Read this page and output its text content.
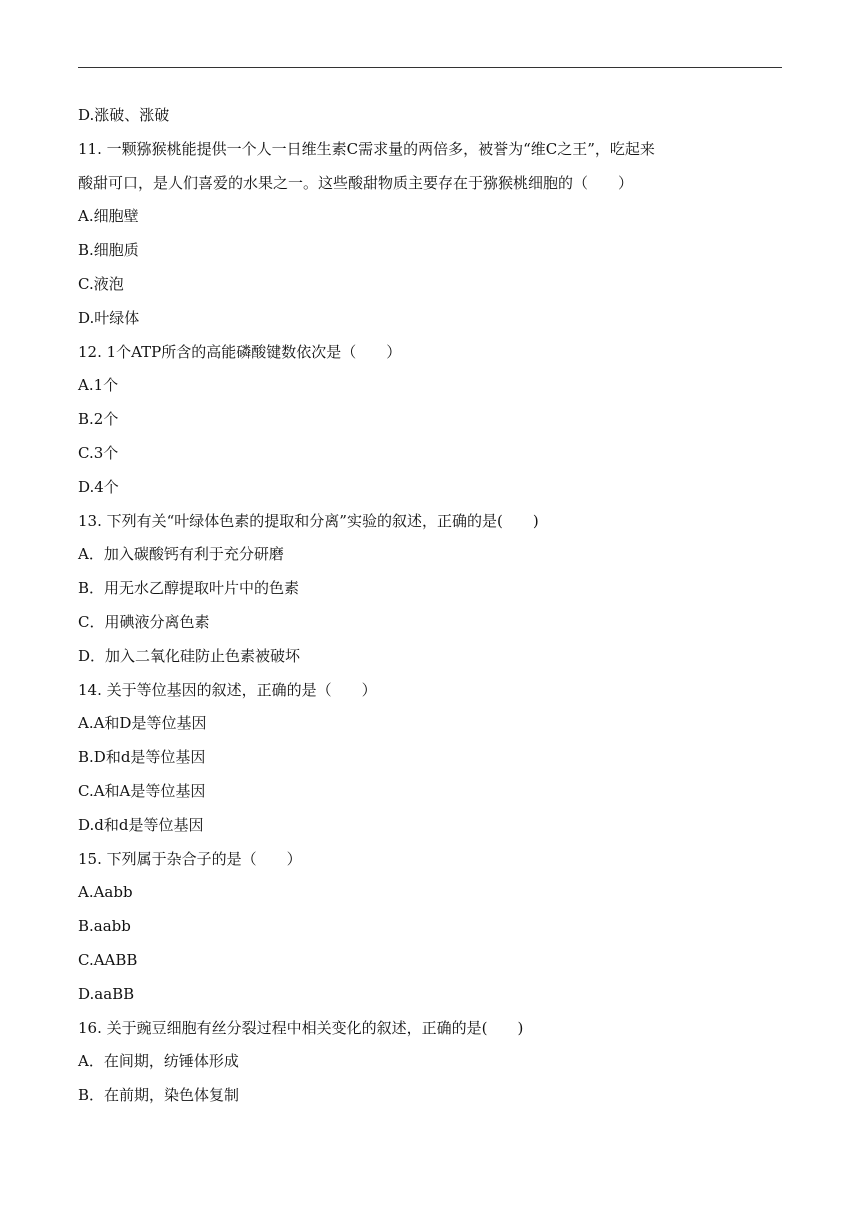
D.涨破、涨破
11. 一颗猕猴桃能提供一个人一日维生素C需求量的两倍多，被誉为“维C之王”，吃起来
酸甜可口，是人们喜爱的水果之一。这些酸甜物质主要存在于猕猴桃细胞的（　　）
A.细胞壁
B.细胞质
C.液泡
D.叶绿体
12. 1个ATP所含的高能磷酸键数依次是（　　）
A.1个
B.2个
C.3个
D.4个
13. 下列有关“叶绿体色素的提取和分离”实验的叙述，正确的是(　　)
A．加入碳酸钙有利于充分研磨
B．用无水乙醇提取叶片中的色素
C．用碘液分离色素
D．加入二氧化硅防止色素被破坏
14. 关于等位基因的叙述，正确的是（　　）
A.A和D是等位基因
B.D和d是等位基因
C.A和A是等位基因
D.d和d是等位基因
15. 下列属于杂合子的是（　　）
A.Aabb
B.aabb
C.AABB
D.aaBB
16. 关于豌豆细胞有丝分裂过程中相关变化的叙述，正确的是(　　)
A．在间期，纺锤体形成
B．在前期，染色体复制
